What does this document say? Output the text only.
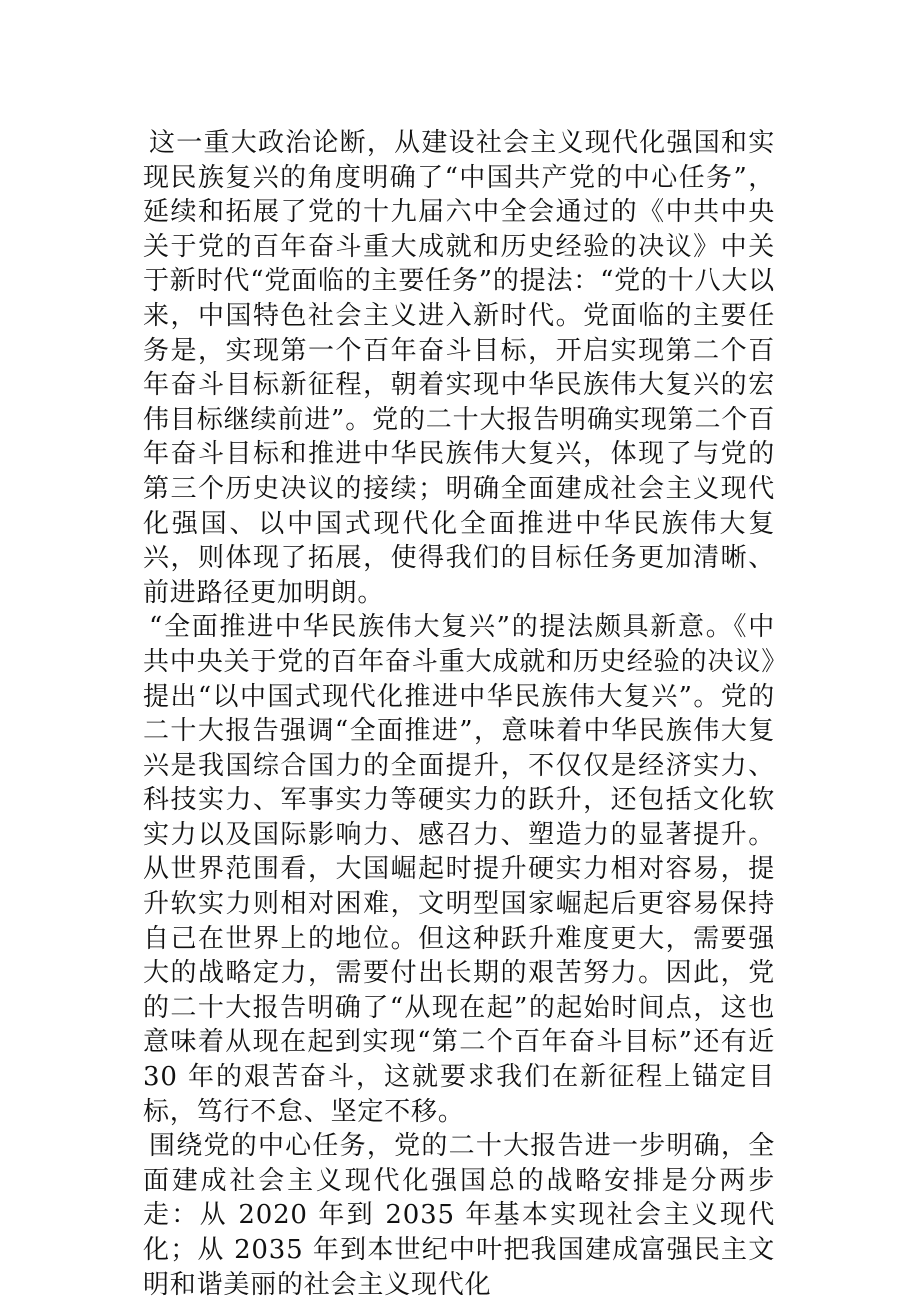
这一重大政治论断，从建设社会主义现代化强国和实现民族复兴的角度明确了“中国共产党的中心任务”，延续和拓展了党的十九届六中全会通过的《中共中央关于党的百年奋斗重大成就和历史经验的决议》中关于新时代“党面临的主要任务”的提法：“党的十八大以来，中国特色社会主义进入新时代。党面临的主要任务是，实现第一个百年奋斗目标，开启实现第二个百年奋斗目标新征程，朝着实现中华民族伟大复兴的宏伟目标继续前进”。党的二十大报告明确实现第二个百年奋斗目标和推进中华民族伟大复兴，体现了与党的第三个历史决议的接续；明确全面建成社会主义现代化强国、以中国式现代化全面推进中华民族伟大复兴，则体现了拓展，使得我们的目标任务更加清晰、前进路径更加明朗。

“全面推进中华民族伟大复兴”的提法颇具新意。《中共中央关于党的百年奋斗重大成就和历史经验的决议》提出“以中国式现代化推进中华民族伟大复兴”。党的二十大报告强调“全面推进”，意味着中华民族伟大复兴是我国综合国力的全面提升，不仅仅是经济实力、科技实力、军事实力等硬实力的跃升，还包括文化软实力以及国际影响力、感召力、塑造力的显著提升。从世界范围看，大国崛起时提升硬实力相对容易，提升软实力则相对困难，文明型国家崛起后更容易保持自己在世界上的地位。但这种跃升难度更大，需要强大的战略定力，需要付出长期的艰苦努力。因此，党的二十大报告明确了“从现在起”的起始时间点，这也意味着从现在起到实现“第二个百年奋斗目标”还有近 30 年的艰苦奋斗，这就要求我们在新征程上锚定目标，笃行不怠、坚定不移。

围绕党的中心任务，党的二十大报告进一步明确，全面建成社会主义现代化强国总的战略安排是分两步走：从 2020 年到 2035 年基本实现社会主义现代化；从 2035 年到本世纪中叶把我国建成富强民主文明和谐美丽的社会主义现代化
